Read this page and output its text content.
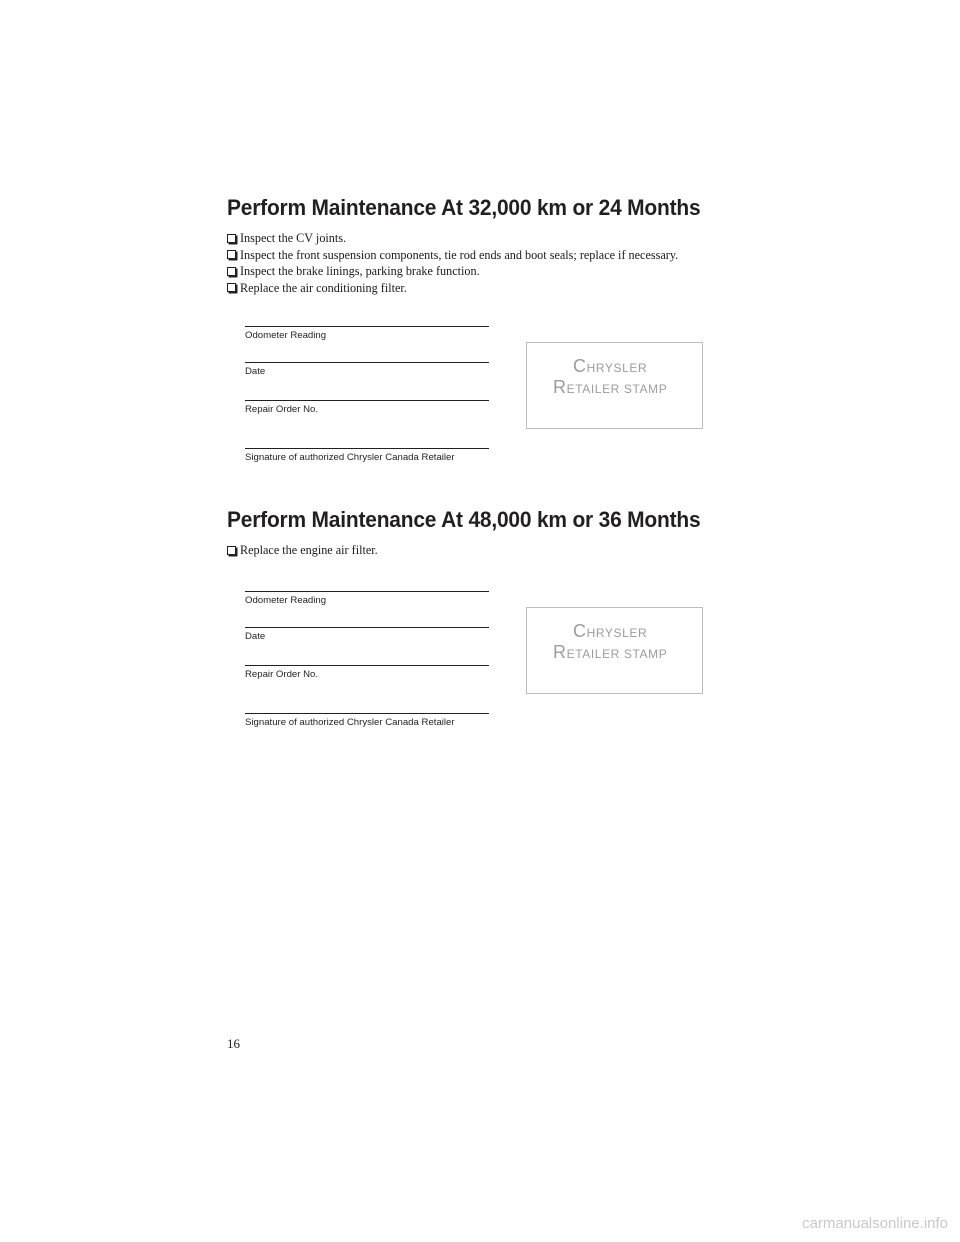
Perform Maintenance At 32,000 km or 24 Months
Inspect the CV joints.
Inspect the front suspension components, tie rod ends and boot seals; replace if necessary.
Inspect the brake linings, parking brake function.
Replace the air conditioning filter.
Odometer Reading
Date
Repair Order No.
Signature of authorized Chrysler Canada Retailer
CHRYSLER
RETAILER STAMP
Perform Maintenance At 48,000 km or 36 Months
Replace the engine air filter.
Odometer Reading
Date
Repair Order No.
Signature of authorized Chrysler Canada Retailer
CHRYSLER
RETAILER STAMP
16
carmanualsonline.info
